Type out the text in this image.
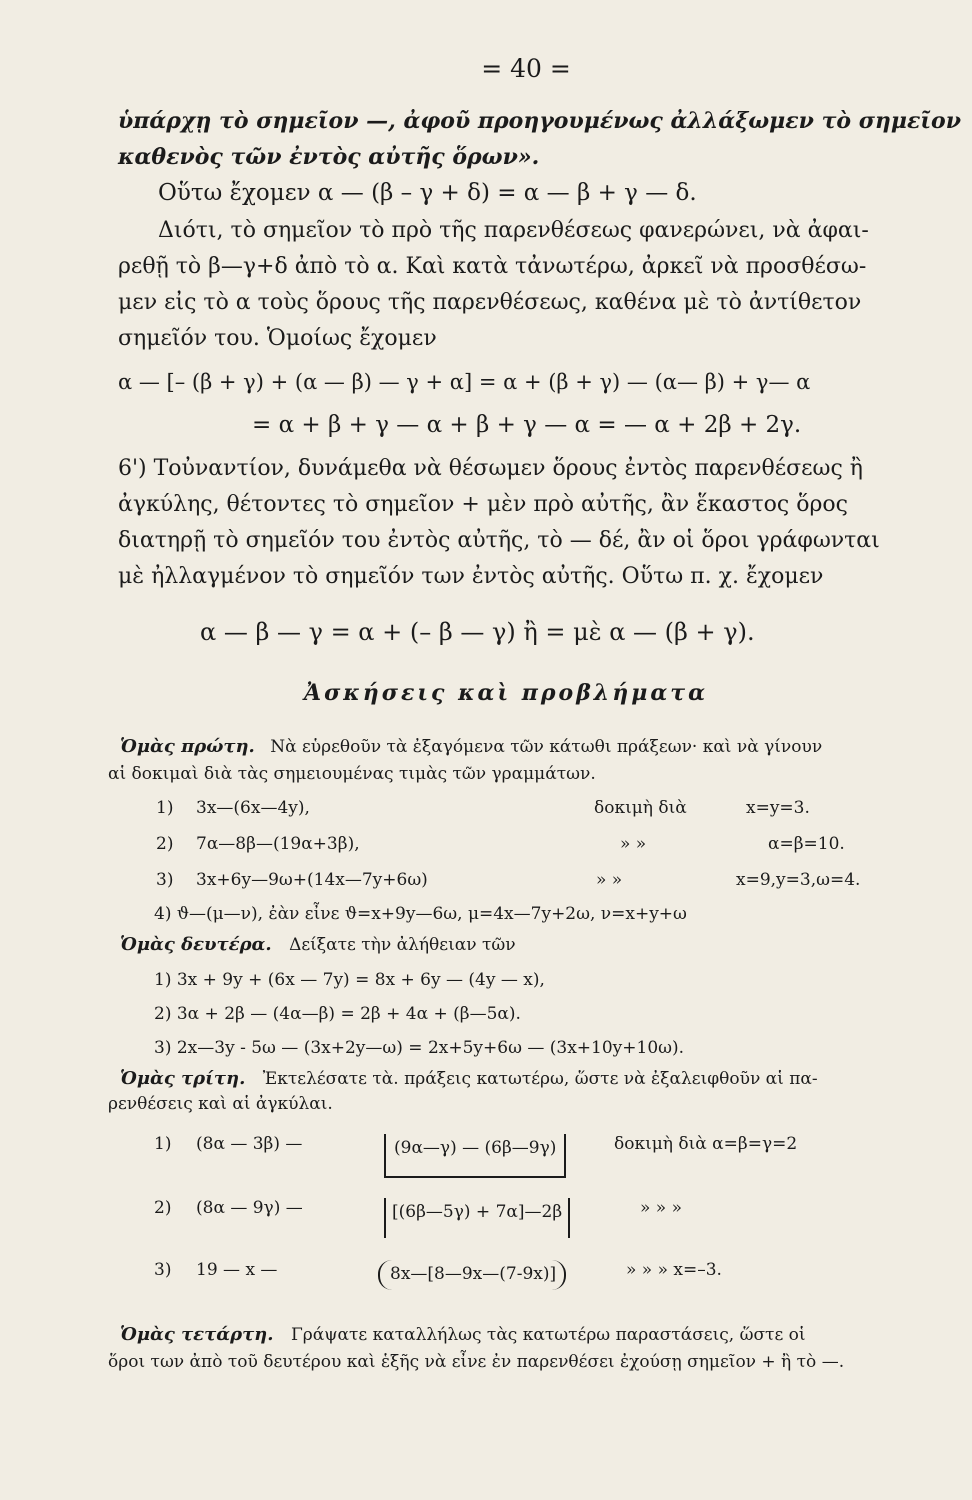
= 40 =
ὑπάρχῃ τὸ σημεῖον —, ἀφοῦ προηγουμένως ἀλλάξωμεν τὸ σημεῖον
καθενὸς τῶν ἐντὸς αὐτῆς ὅρων».
Οὕτω ἔχομεν α — (β – γ + δ) = α — β + γ — δ.
Διότι, τὸ σημεῖον τὸ πρὸ τῆς παρενθέσεως φανερώνει, νὰ ἀφαι-
ρεθῇ τὸ β—γ+δ ἀπὸ τὸ α. Καὶ κατὰ τἀνωτέρω, ἀρκεῖ νὰ προσθέσω-
μεν εἰς τὸ α τοὺς ὅρους τῆς παρενθέσεως, καθένα μὲ τὸ ἀντίθετον
σημεῖόν του. Ὁμοίως ἔχομεν
α — [– (β + γ) + (α — β) — γ + α] = α + (β + γ) — (α— β) + γ— α
= α + β + γ — α + β + γ — α = — α + 2β + 2γ.
6') Τοὐναντίον, δυνάμεθα νὰ θέσωμεν ὅρους ἐντὸς παρενθέσεως ἢ
ἀγκύλης, θέτοντες τὸ σημεῖον + μὲν πρὸ αὐτῆς, ἂν ἕκαστος ὅρος
διατηρῇ τὸ σημεῖόν του ἐντὸς αὐτῆς, τὸ — δέ, ἂν οἱ ὅροι γράφωνται
μὲ ἠλλαγμένον τὸ σημεῖόν των ἐντὸς αὐτῆς. Οὕτω π. χ. ἔχομεν
α — β — γ = α + (– β — γ) ἢ = μὲ α — (β + γ).
Ἀσκήσεις καὶ προβλήματα
Ὁμὰς πρώτη. Νὰ εὑρεθοῦν τὰ ἐξαγόμενα τῶν κάτωθι πράξεων· καὶ νὰ γίνουν
αἱ δοκιμαὶ διὰ τὰς σημειουμένας τιμὰς τῶν γραμμάτων.
1) 3x—(6x—4y),	δοκιμὴ διὰ	x=y=3.
2) 7α—8β—(19α+3β),	» »	α=β=10.
3) 3x+6y—9ω+(14x—7y+6ω)	» »	x=9,y=3,ω=4.
4) ϑ—(μ—ν), ἐὰν εἶνε ϑ=x+9y—6ω, μ=4x—7y+2ω, ν=x+y+ω
Ὁμὰς δευτέρα. Δείξατε τὴν ἀλήθειαν τῶν
1) 3x + 9y + (6x — 7y) = 8x + 6y — (4y — x),
2) 3α + 2β — (4α—β) = 2β + 4α + (β—5α).
3) 2x—3y - 5ω — (3x+2y—ω) = 2x+5y+6ω — (3x+10y+10ω).
Ὁμὰς τρίτη. Ἐκτελέσατε τὰ. πράξεις κατωτέρω, ὥστε νὰ ἐξαλειφθοῦν αἱ πα-
ρενθέσεις καὶ αἱ ἀγκύλαι.
1) (8α — 3β) —	(9α—γ) — (6β—9γ)	δοκιμὴ διὰ α=β=γ=2
2) (8α — 9γ) —	[(6β—5γ) + 7α]—2β	» » »
3) 19 — x —	8x—[8—9x—(7-9x)]	» » » x=–3.
Ὁμὰς τετάρτη. Γράψατε καταλλήλως τὰς κατωτέρω παραστάσεις, ὥστε οἱ
ὅροι των ἀπὸ τοῦ δευτέρου καὶ ἑξῆς νὰ εἶνε ἐν παρενθέσει ἐχούσῃ σημεῖον + ἢ τὸ —.
